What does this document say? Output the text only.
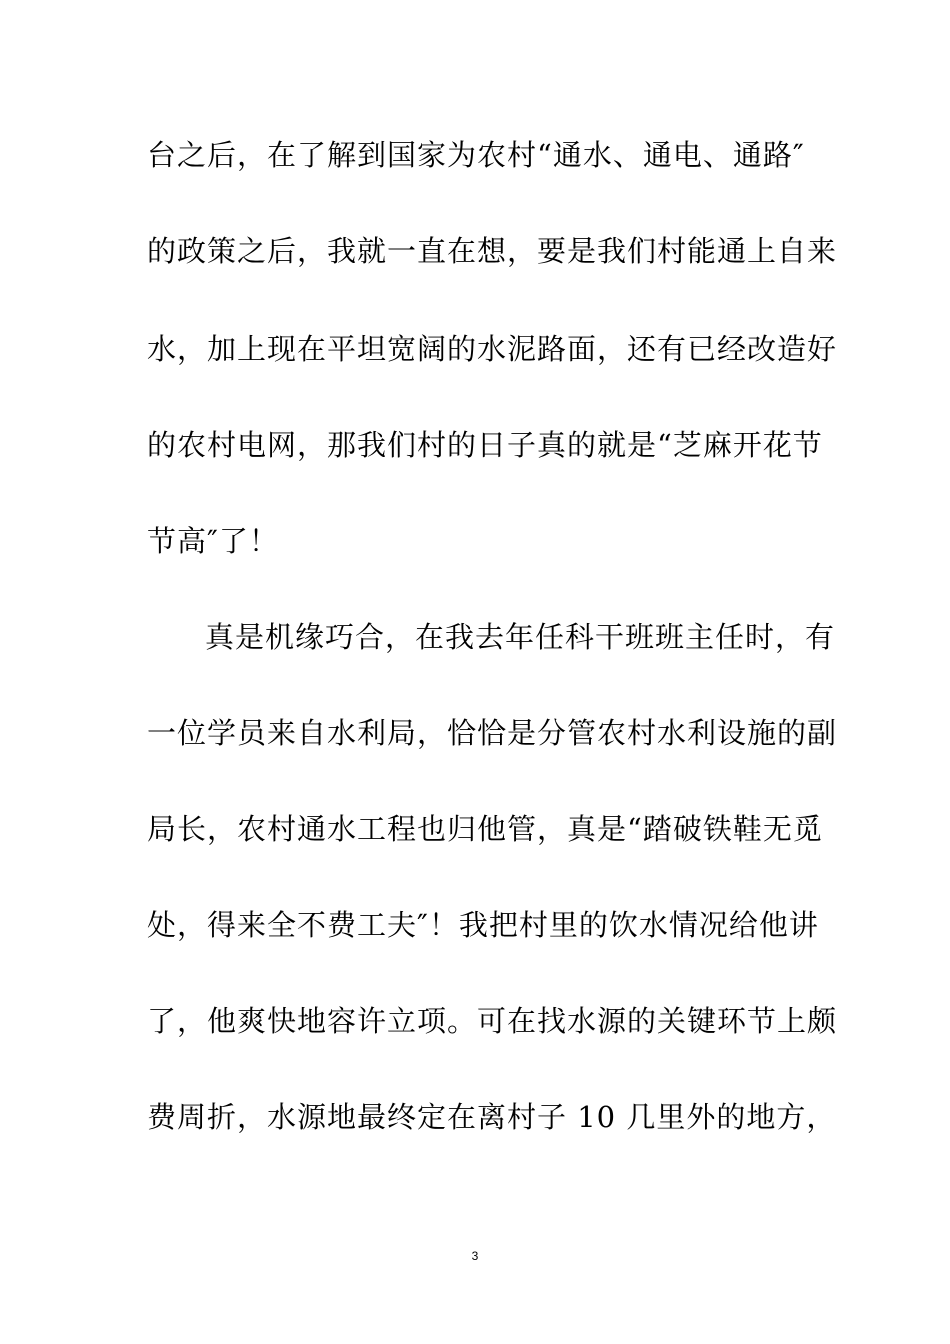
台之后，在了解到国家为农村“通水、通电、通路″
的政策之后，我就一直在想，要是我们村能通上自来
水，加上现在平坦宽阔的水泥路面，还有已经改造好
的农村电网，那我们村的日子真的就是“芝麻开花节
节高″了！
真是机缘巧合，在我去年任科干班班主任时，有
一位学员来自水利局，恰恰是分管农村水利设施的副
局长，农村通水工程也归他管，真是“踏破铁鞋无觅
处，得来全不费工夫″！我把村里的饮水情况给他讲
了，他爽快地容许立项。可在找水源的关键环节上颇
费周折，水源地最终定在离村子 10 几里外的地方，
3
